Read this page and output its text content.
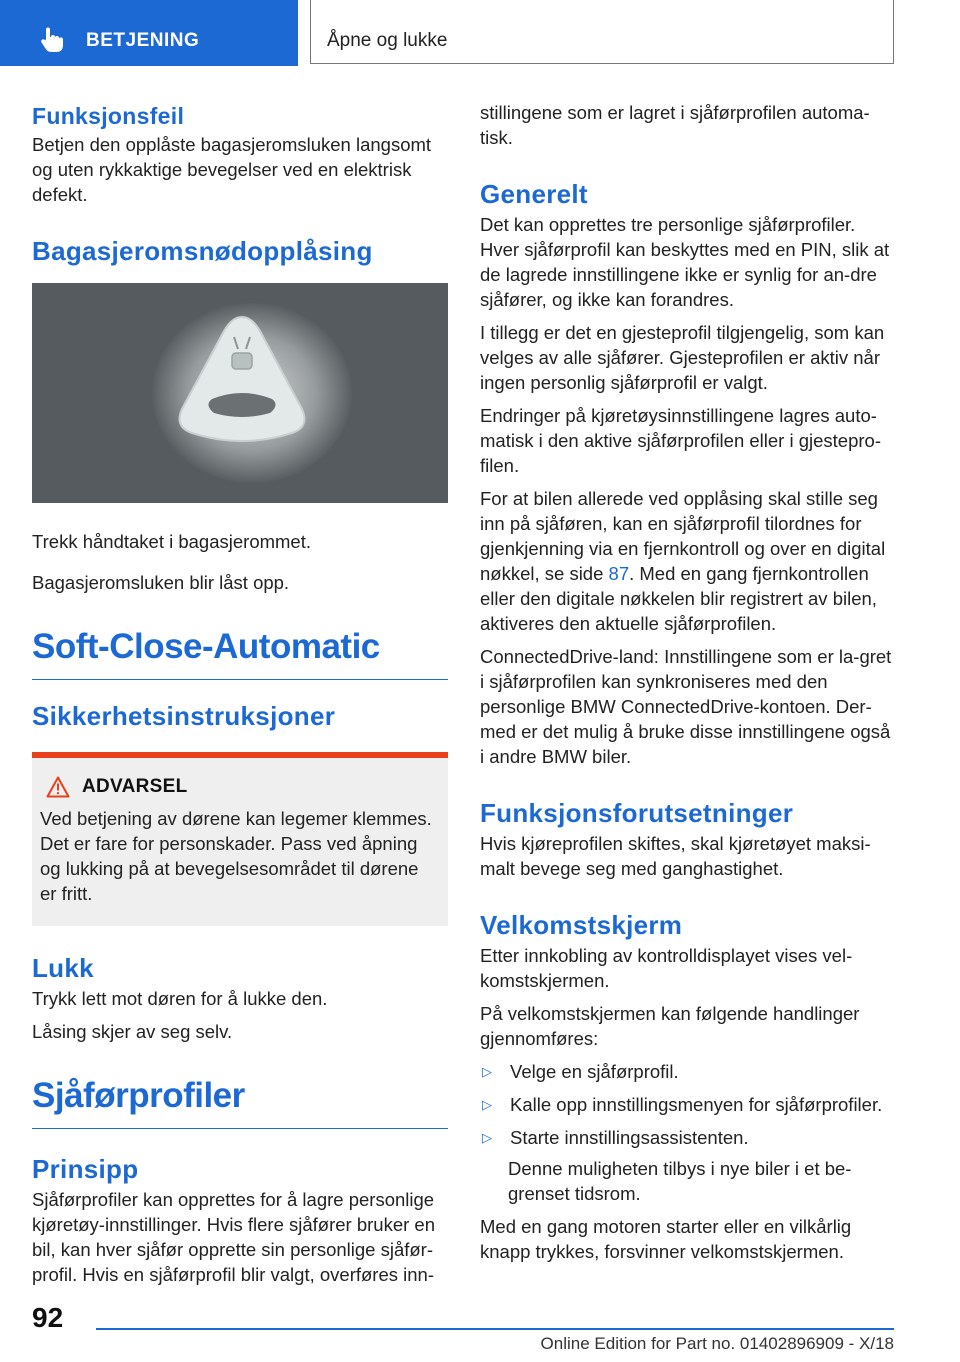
BETJENING	Åpne og lukke
Funksjonsfeil

Betjen den opplåste bagasjeromsluken langsomt og uten rykkaktige bevegelser ved en elektrisk defekt.

Bagasjeromsnødopplåsing

Trekk håndtaket i bagasjerommet.

Bagasjeromsluken blir låst opp.

Soft-Close-Automatic
Sikkerhetsinstruksjoner
ADVARSEL

Ved betjening av dørene kan legemer klemmes. Det er fare for personskader. Pass ved åpning og lukking på at bevegelsesområdet til dørene er fritt.

Lukk

Trykk lett mot døren for å lukke den.

Låsing skjer av seg selv.

Sjåførprofiler
Prinsipp

Sjåførprofiler kan opprettes for å lagre personlige kjøretøy-innstillinger. Hvis flere sjåfører bruker en bil, kan hver sjåfør opprette sin personlige sjåfør-profil. Hvis en sjåførprofil blir valgt, overføres inn-

stillingene som er lagret i sjåførprofilen automa-tisk.

Generelt

Det kan opprettes tre personlige sjåførprofiler. Hver sjåførprofil kan beskyttes med en PIN, slik at de lagrede innstillingene ikke er synlig for an-dre sjåfører, og ikke kan forandres.

I tillegg er det en gjesteprofil tilgjengelig, som kan velges av alle sjåfører. Gjesteprofilen er aktiv når ingen personlig sjåførprofil er valgt.

Endringer på kjøretøysinnstillingene lagres auto-matisk i den aktive sjåførprofilen eller i gjestepro-filen.

For at bilen allerede ved opplåsing skal stille seg inn på sjåføren, kan en sjåførprofil tilordnes for gjenkjenning via en fjernkontroll og over en digital nøkkel, se side 87. Med en gang fjernkontrollen eller den digitale nøkkelen blir registrert av bilen, aktiveres den aktuelle sjåførprofilen.

ConnectedDrive-land: Innstillingene som er la-gret i sjåførprofilen kan synkroniseres med den personlige BMW ConnectedDrive-kontoen. Der-med er det mulig å bruke disse innstillingene også i andre BMW biler.

Funksjonsforutsetninger

Hvis kjøreprofilen skiftes, skal kjøretøyet maksi-malt bevege seg med ganghastighet.

Velkomstskjerm

Etter innkobling av kontrolldisplayet vises vel-komstskjermen.

På velkomstskjermen kan følgende handlinger gjennomføres:

▷ Velge en sjåførprofil.

▷ Kalle opp innstillingsmenyen for sjåførprofiler.

▷ Starte innstillingsassistenten.

Denne muligheten tilbys i nye biler i et be-grenset tidsrom.

Med en gang motoren starter eller en vilkårlig knapp trykkes, forsvinner velkomstskjermen.

92
Online Edition for Part no. 01402896909 - X/18
